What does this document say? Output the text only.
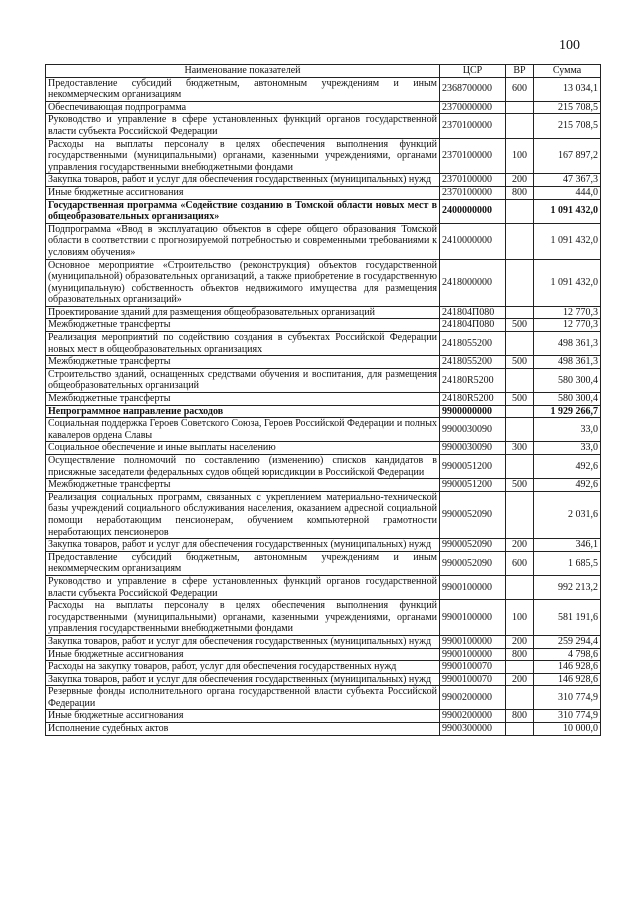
100
Наименование показателей	ЦСР	ВР	Сумма
Предоставление субсидий бюджетным, автономным учреждениям и иным некоммерческим организациям	2368700000	600	13 034,1
Обеспечивающая подпрограмма	2370000000		215 708,5
Руководство и управление в сфере установленных функций органов государственной власти субъекта Российской Федерации	2370100000		215 708,5
Расходы на выплаты персоналу в целях обеспечения выполнения функций государственными (муниципальными) органами, казенными учреждениями, органами управления государственными внебюджетными фондами	2370100000	100	167 897,2
Закупка товаров, работ и услуг для обеспечения государственных (муниципальных) нужд	2370100000	200	47 367,3
Иные бюджетные ассигнования	2370100000	800	444,0
Государственная программа «Содействие созданию в Томской области новых мест в общеобразовательных организациях»	2400000000		1 091 432,0
Подпрограмма «Ввод в эксплуатацию объектов в сфере общего образования Томской области в соответствии с прогнозируемой потребностью и современными требованиями к условиям обучения»	2410000000		1 091 432,0
Основное мероприятие «Строительство (реконструкция) объектов государственной (муниципальной) образовательных организаций, а также приобретение в государственную (муниципальную) собственность объектов недвижимого имущества для размещения образовательных организаций»	2418000000		1 091 432,0
Проектирование зданий для размещения общеобразовательных организаций	241804П080		12 770,3
Межбюджетные трансферты	241804П080	500	12 770,3
Реализация мероприятий по содействию создания в субъектах Российской Федерации новых мест в общеобразовательных организациях	2418055200		498 361,3
Межбюджетные трансферты	2418055200	500	498 361,3
Строительство зданий, оснащенных средствами обучения и воспитания, для размещения общеобразовательных организаций	24180R5200		580 300,4
Межбюджетные трансферты	24180R5200	500	580 300,4
Непрограммное направление расходов	9900000000		1 929 266,7
Социальная поддержка Героев Советского Союза, Героев Российской Федерации и полных кавалеров ордена Славы	9900030090		33,0
Социальное обеспечение и иные выплаты населению	9900030090	300	33,0
Осуществление полномочий по составлению (изменению) списков кандидатов в присяжные заседатели федеральных судов общей юрисдикции в Российской Федерации	9900051200		492,6
Межбюджетные трансферты	9900051200	500	492,6
Реализация социальных программ, связанных с укреплением материально-технической базы учреждений социального обслуживания населения, оказанием адресной социальной помощи неработающим пенсионерам, обучением компьютерной грамотности неработающих пенсионеров	9900052090		2 031,6
Закупка товаров, работ и услуг для обеспечения государственных (муниципальных) нужд	9900052090	200	346,1
Предоставление субсидий бюджетным, автономным учреждениям и иным некоммерческим организациям	9900052090	600	1 685,5
Руководство и управление в сфере установленных функций органов государственной власти субъекта Российской Федерации	9900100000		992 213,2
Расходы на выплаты персоналу в целях обеспечения выполнения функций государственными (муниципальными) органами, казенными учреждениями, органами управления государственными внебюджетными фондами	9900100000	100	581 191,6
Закупка товаров, работ и услуг для обеспечения государственных (муниципальных) нужд	9900100000	200	259 294,4
Иные бюджетные ассигнования	9900100000	800	4 798,6
Расходы на закупку товаров, работ, услуг для обеспечения государственных нужд	9900100070		146 928,6
Закупка товаров, работ и услуг для обеспечения государственных (муниципальных) нужд	9900100070	200	146 928,6
Резервные фонды исполнительного органа государственной власти субъекта Российской Федерации	9900200000		310 774,9
Иные бюджетные ассигнования	9900200000	800	310 774,9
Исполнение судебных актов	9900300000		10 000,0
